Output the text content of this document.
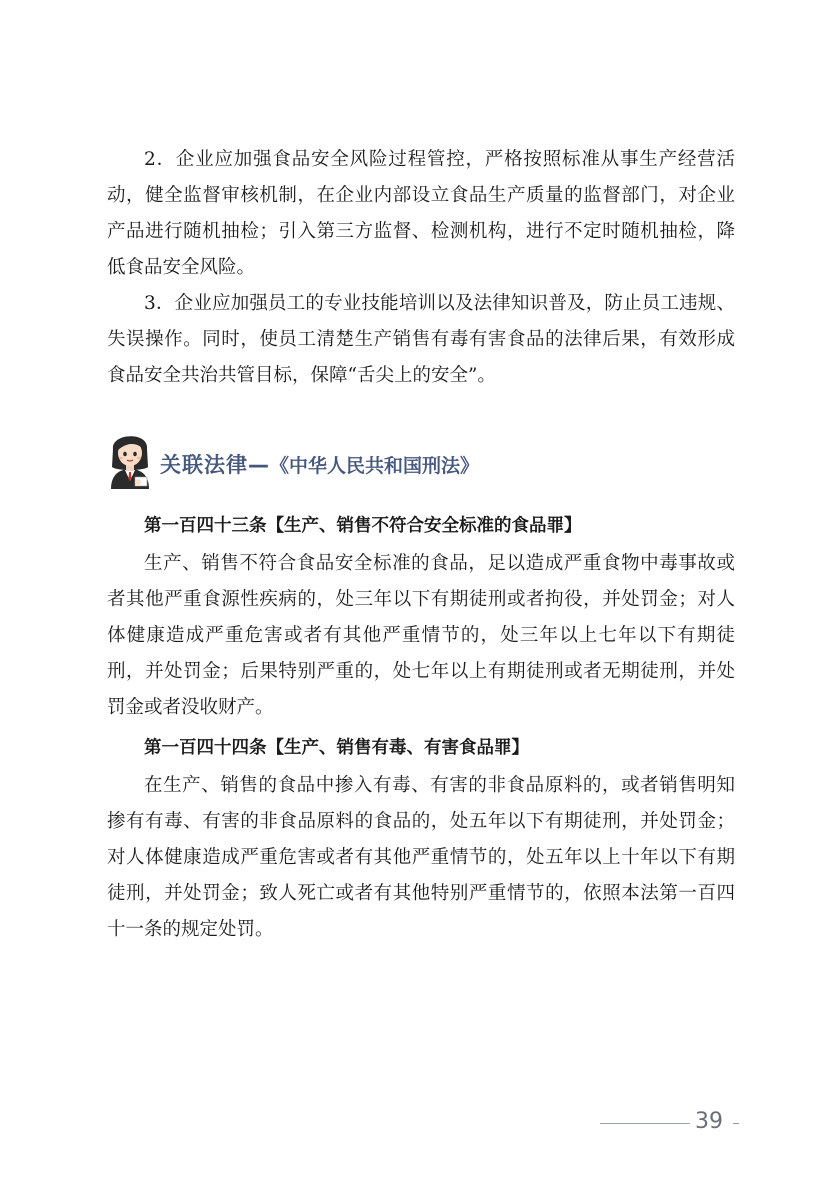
2．企业应加强食品安全风险过程管控，严格按照标准从事生产经营活动，健全监督审核机制，在企业内部设立食品生产质量的监督部门，对企业产品进行随机抽检；引入第三方监督、检测机构，进行不定时随机抽检，降低食品安全风险。

3．企业应加强员工的专业技能培训以及法律知识普及，防止员工违规、失误操作。同时，使员工清楚生产销售有毒有害食品的法律后果，有效形成食品安全共治共管目标，保障“舌尖上的安全”。

关联法律—《中华人民共和国刑法》

第一百四十三条【生产、销售不符合安全标准的食品罪】

生产、销售不符合食品安全标准的食品，足以造成严重食物中毒事故或者其他严重食源性疾病的，处三年以下有期徒刑或者拘役，并处罚金；对人体健康造成严重危害或者有其他严重情节的，处三年以上七年以下有期徒刑，并处罚金；后果特别严重的，处七年以上有期徒刑或者无期徒刑，并处罚金或者没收财产。

第一百四十四条【生产、销售有毒、有害食品罪】

在生产、销售的食品中掺入有毒、有害的非食品原料的，或者销售明知掺有有毒、有害的非食品原料的食品的，处五年以下有期徒刑，并处罚金；对人体健康造成严重危害或者有其他严重情节的，处五年以上十年以下有期徒刑，并处罚金；致人死亡或者有其他特别严重情节的，依照本法第一百四十一条的规定处罚。

39
